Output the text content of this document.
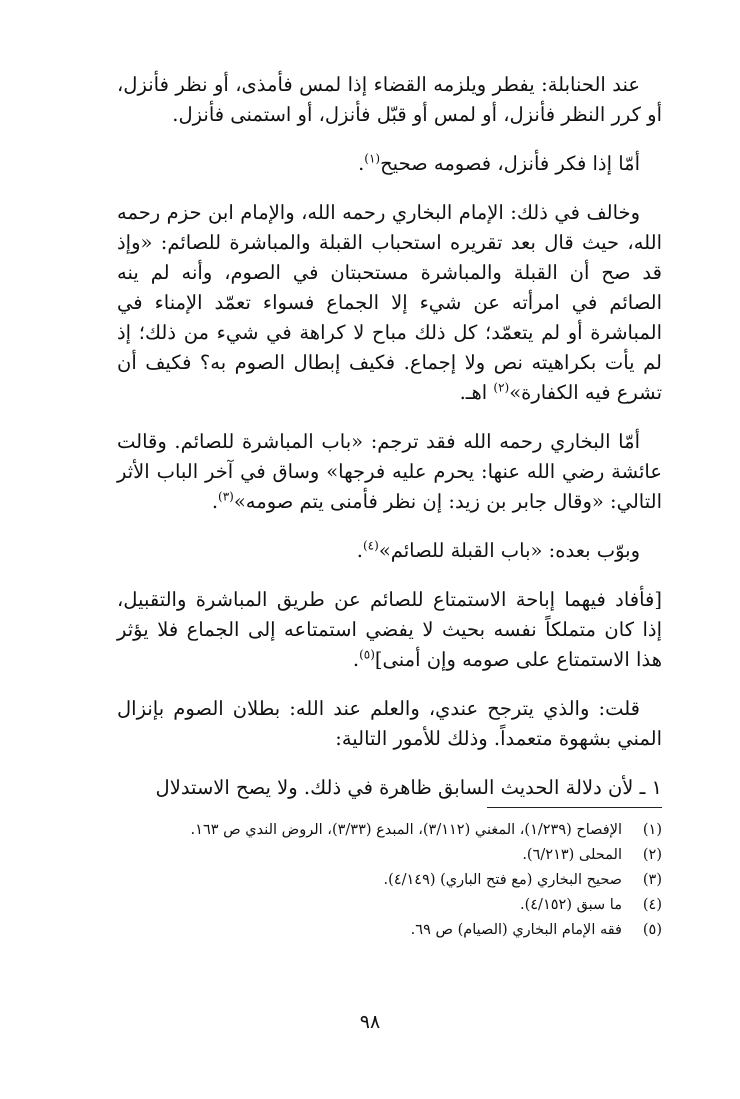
عند الحنابلة: يفطر ويلزمه القضاء إذا لمس فأمذى، أو نظر فأنزل، أو كرر النظر فأنزل، أو لمس أو قبّل فأنزل، أو استمنى فأنزل.

أمّا إذا فكر فأنزل، فصومه صحيح$^{(١)}$.

وخالف في ذلك: الإمام البخاري رحمه الله، والإمام ابن حزم رحمه الله، حيث قال بعد تقريره استحباب القبلة والمباشرة للصائم: «وإذ قد صح أن القبلة والمباشرة مستحبتان في الصوم، وأنه لم ينه الصائم في امرأته عن شيء إلا الجماع فسواء تعمّد الإمناء في المباشرة أو لم يتعمّد؛ كل ذلك مباح لا كراهة في شيء من ذلك؛ إذ لم يأت بكراهيته نص ولا إجماع. فكيف إبطال الصوم به؟ فكيف أن تشرع فيه الكفارة»$^{(٢)}$ اهـ.

أمّا البخاري رحمه الله فقد ترجم: «باب المباشرة للصائم. وقالت عائشة رضي الله عنها: يحرم عليه فرجها» وساق في آخر الباب الأثر التالي: «وقال جابر بن زيد: إن نظر فأمنى يتم صومه»$^{(٣)}$.

وبوّب بعده: «باب القبلة للصائم»$^{(٤)}$.

[فأفاد فيهما إباحة الاستمتاع للصائم عن طريق المباشرة والتقبيل، إذا كان متملكاً نفسه بحيث لا يفضي استمتاعه إلى الجماع فلا يؤثر هذا الاستمتاع على صومه وإن أمنى]$^{(٥)}$.

قلت: والذي يترجح عندي، والعلم عند الله: بطلان الصوم بإنزال المني بشهوة متعمداً. وذلك للأمور التالية:

١ ـ لأن دلالة الحديث السابق ظاهرة في ذلك. ولا يصح الاستدلال

(١)
الإفصاح (١/٢٣٩)، المغني (٣/١١٢)، المبدع (٣/٣٣)، الروض الندي ص ١٦٣.
(٢)
المحلى (٦/٢١٣).
(٣)
صحيح البخاري (مع فتح الباري) (٤/١٤٩).
(٤)
ما سبق (٤/١٥٢).
(٥)
فقه الإمام البخاري (الصيام) ص ٦٩.
٩٨
